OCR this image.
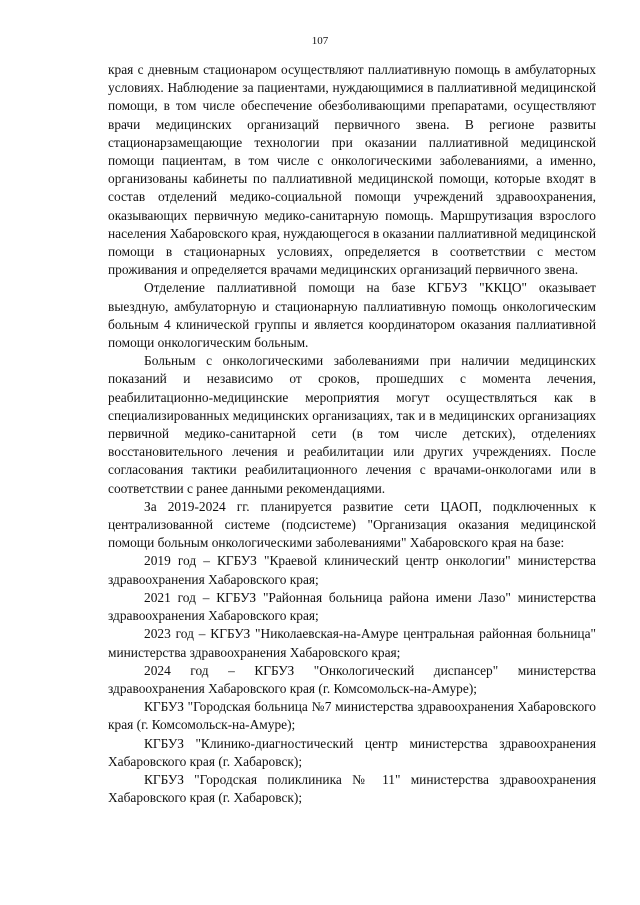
107

края с дневным стационаром осуществляют паллиативную помощь в амбулаторных условиях. Наблюдение за пациентами, нуждающимися в паллиативной медицинской помощи, в том числе обеспечение обезболивающими препаратами, осуществляют врачи медицинских организаций первичного звена. В регионе развиты стационарзамещающие технологии при оказании паллиативной медицинской помощи пациентам, в том числе с онкологическими заболеваниями, а именно, организованы кабинеты по паллиативной медицинской помощи, которые входят в состав отделений медико-социальной помощи учреждений здравоохранения, оказывающих первичную медико-санитарную помощь. Маршрутизация взрослого населения Хабаровского края, нуждающегося в оказании паллиативной медицинской помощи в стационарных условиях, определяется в соответствии с местом проживания и определяется врачами медицинских организаций первичного звена.

Отделение паллиативной помощи на базе КГБУЗ "ККЦО" оказывает выездную, амбулаторную и стационарную паллиативную помощь онкологическим больным 4 клинической группы и является координатором оказания паллиативной помощи онкологическим больным.

Больным с онкологическими заболеваниями при наличии медицинских показаний и независимо от сроков, прошедших с момента лечения, реабилитационно-медицинские мероприятия могут осуществляться как в специализированных медицинских организациях, так и в медицинских организациях первичной медико-санитарной сети (в том числе детских), отделениях восстановительного лечения и реабилитации или других учреждениях. После согласования тактики реабилитационного лечения с врачами-онкологами или в соответствии с ранее данными рекомендациями.

За 2019-2024 гг. планируется развитие сети ЦАОП, подключенных к централизованной системе (подсистеме) "Организация оказания медицинской помощи больным онкологическими заболеваниями" Хабаровского края на базе:

2019 год – КГБУЗ "Краевой клинический центр онкологии" министерства здравоохранения Хабаровского края;

2021 год – КГБУЗ "Районная больница района имени Лазо" министерства здравоохранения Хабаровского края;

2023 год – КГБУЗ "Николаевская-на-Амуре центральная районная больница" министерства здравоохранения Хабаровского края;

2024 год – КГБУЗ "Онкологический диспансер" министерства здравоохранения Хабаровского края (г. Комсомольск-на-Амуре);

КГБУЗ "Городская больница №7 министерства здравоохранения Хабаровского края (г. Комсомольск-на-Амуре);

КГБУЗ "Клинико-диагностический центр министерства здравоохранения Хабаровского края (г. Хабаровск);

КГБУЗ "Городская поликлиника № 11" министерства здравоохранения Хабаровского края (г. Хабаровск);
